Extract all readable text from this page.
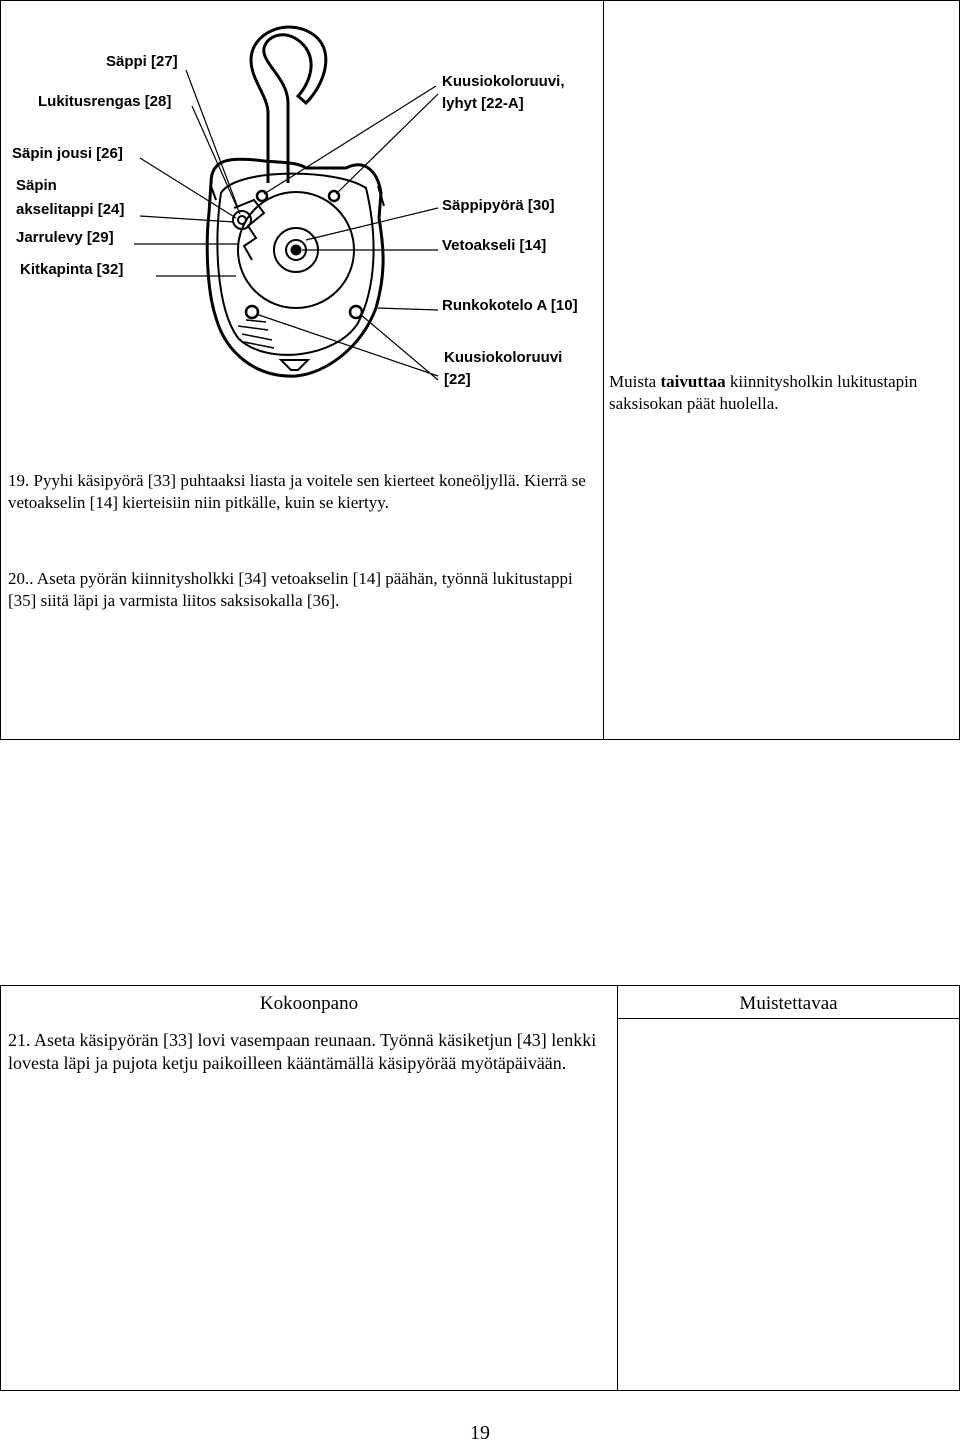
Säppi [27]
Lukitusrengas [28]
Säpin jousi [26]
Säpin
akselitappi [24]
Jarrulevy [29]
Kitkapinta [32]
Kuusiokoloruuvi,
lyhyt [22-A]
Säppipyörä [30]
Vetoakseli [14]
Runkokotelo A [10]
Kuusiokoloruuvi
[22]	Muista taivuttaa kiinnitysholkin lukitustapin saksisokan päät huolella.
19. Pyyhi käsipyörä [33] puhtaaksi liasta ja voitele sen kierteet koneöljyllä. Kierrä se vetoakselin [14] kierteisiin niin pitkälle, kuin se kiertyy.
20.. Aseta pyörän kiinnitysholkki [34] vetoakselin [14] päähän, työnnä lukitustappi [35] siitä läpi ja varmista liitos saksisokalla [36].
Kokoonpano	Muistettavaa
21. Aseta käsipyörän [33] lovi vasempaan reunaan. Työnnä käsiketjun [43] lenkki lovesta läpi ja pujota ketju paikoilleen kääntämällä käsipyörää myötäpäivään.
19
